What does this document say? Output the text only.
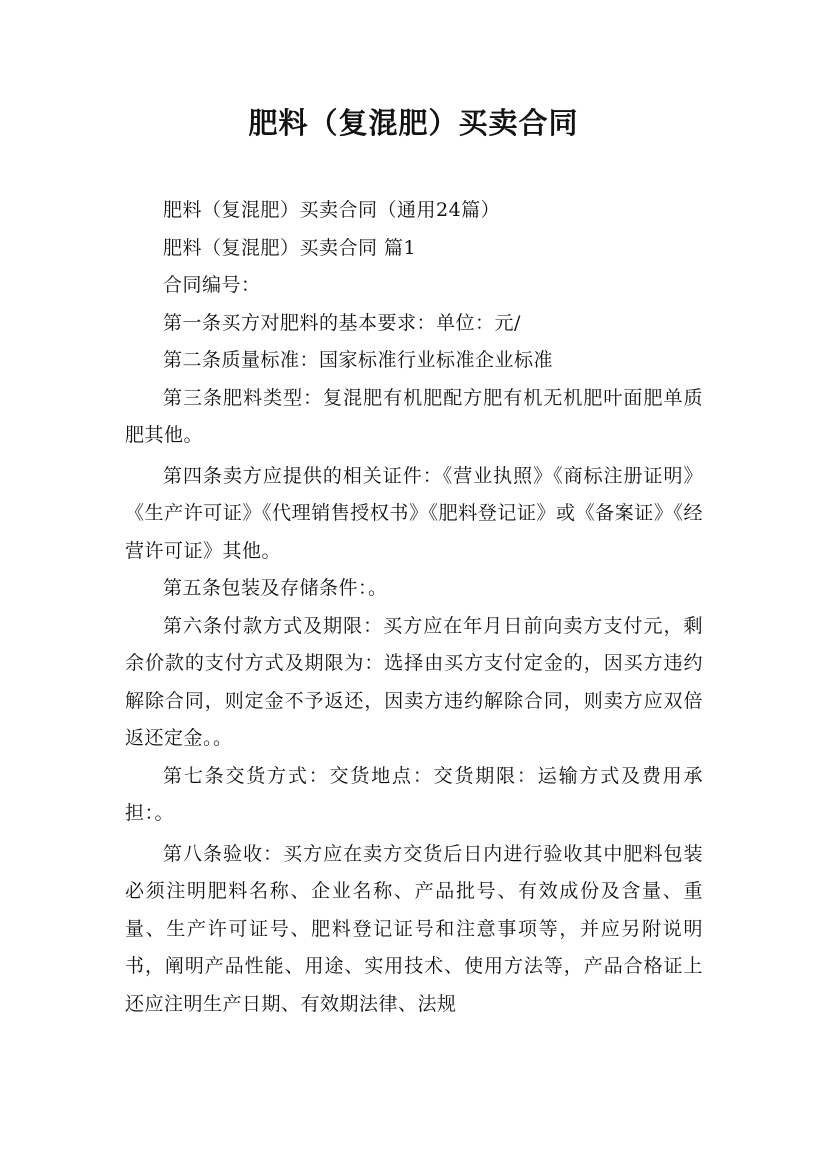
肥料（复混肥）买卖合同

肥料（复混肥）买卖合同（通用24篇）

肥料（复混肥）买卖合同 篇1

合同编号：

第一条买方对肥料的基本要求：单位：元/

第二条质量标准：国家标准行业标准企业标准

第三条肥料类型：复混肥有机肥配方肥有机无机肥叶面肥单质肥其他。

第四条卖方应提供的相关证件：《营业执照》《商标注册证明》《生产许可证》《代理销售授权书》《肥料登记证》或《备案证》《经营许可证》其他。

第五条包装及存储条件：。

第六条付款方式及期限：买方应在年月日前向卖方支付元，剩余价款的支付方式及期限为：选择由买方支付定金的，因买方违约解除合同，则定金不予返还，因卖方违约解除合同，则卖方应双倍返还定金。。

第七条交货方式：交货地点：交货期限：运输方式及费用承担：。

第八条验收：买方应在卖方交货后日内进行验收其中肥料包装必须注明肥料名称、企业名称、产品批号、有效成份及含量、重量、生产许可证号、肥料登记证号和注意事项等，并应另附说明书，阐明产品性能、用途、实用技术、使用方法等，产品合格证上还应注明生产日期、有效期法律、法规
